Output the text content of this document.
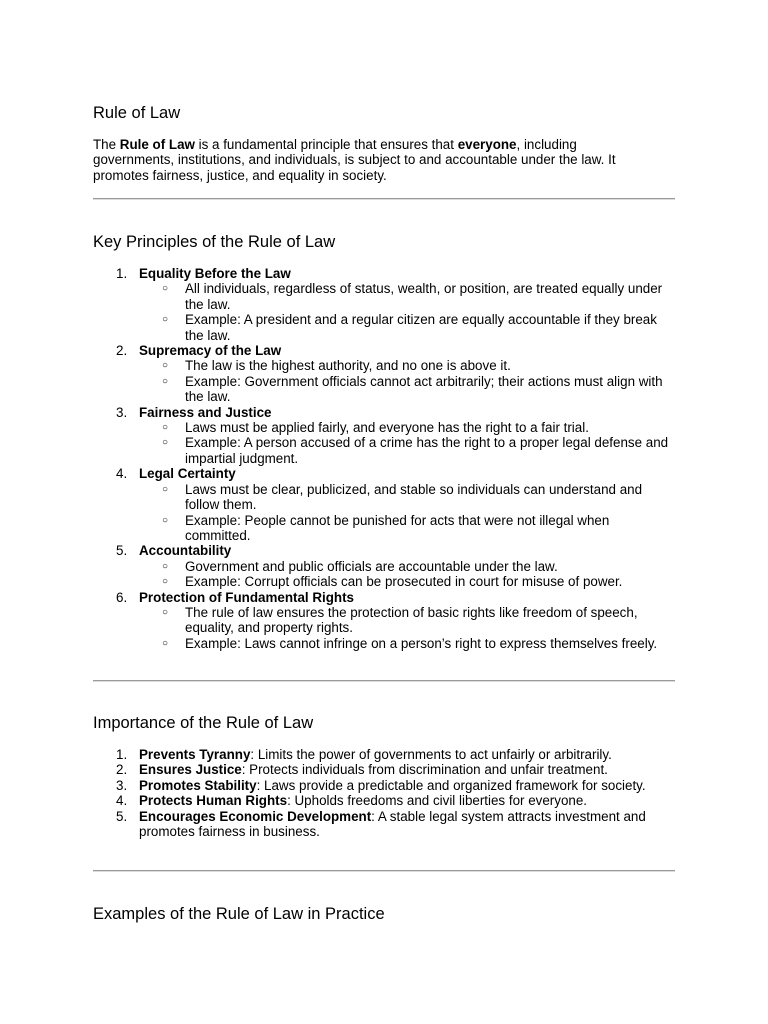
Rule of Law

The Rule of Law is a fundamental principle that ensures that everyone, including governments, institutions, and individuals, is subject to and accountable under the law. It promotes fairness, justice, and equality in society.

Key Principles of the Rule of Law
1. Equality Before the Law
○ All individuals, regardless of status, wealth, or position, are treated equally under the law.
○ Example: A president and a regular citizen are equally accountable if they break the law.
2. Supremacy of the Law
○ The law is the highest authority, and no one is above it.
○ Example: Government officials cannot act arbitrarily; their actions must align with the law.
3. Fairness and Justice
○ Laws must be applied fairly, and everyone has the right to a fair trial.
○ Example: A person accused of a crime has the right to a proper legal defense and impartial judgment.
4. Legal Certainty
○ Laws must be clear, publicized, and stable so individuals can understand and follow them.
○ Example: People cannot be punished for acts that were not illegal when committed.
5. Accountability
○ Government and public officials are accountable under the law.
○ Example: Corrupt officials can be prosecuted in court for misuse of power.
6. Protection of Fundamental Rights
○ The rule of law ensures the protection of basic rights like freedom of speech, equality, and property rights.
○ Example: Laws cannot infringe on a person’s right to express themselves freely.
Importance of the Rule of Law
1. Prevents Tyranny: Limits the power of governments to act unfairly or arbitrarily.
2. Ensures Justice: Protects individuals from discrimination and unfair treatment.
3. Promotes Stability: Laws provide a predictable and organized framework for society.
4. Protects Human Rights: Upholds freedoms and civil liberties for everyone.
5. Encourages Economic Development: A stable legal system attracts investment and promotes fairness in business.
Examples of the Rule of Law in Practice
